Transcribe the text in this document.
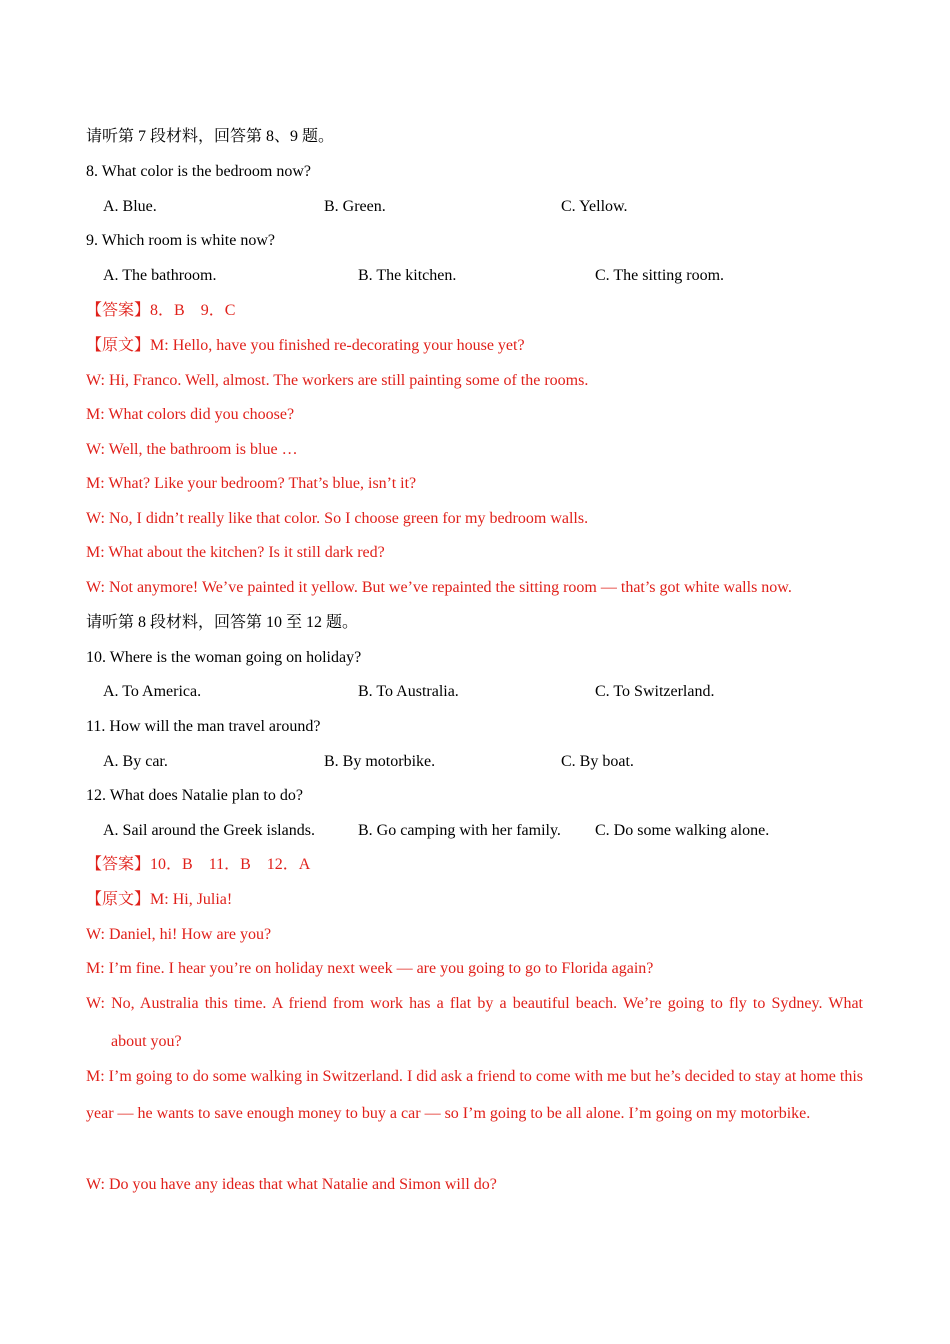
请听第 7 段材料，回答第 8、9 题。
8. What color is the bedroom now?
A. Blue.	B. Green.	C. Yellow.
9. Which room is white now?
A. The bathroom.	B. The kitchen.	C. The sitting room.
【答案】8．B　9．C
【原文】M: Hello, have you finished re-decorating your house yet?
W: Hi, Franco. Well, almost. The workers are still painting some of the rooms.
M: What colors did you choose?
W: Well, the bathroom is blue …
M: What? Like your bedroom? That’s blue, isn’t it?
W: No, I didn’t really like that color. So I choose green for my bedroom walls.
M: What about the kitchen? Is it still dark red?
W: Not anymore! We’ve painted it yellow. But we’ve repainted the sitting room — that’s got white walls now.
请听第 8 段材料，回答第 10 至 12 题。
10. Where is the woman going on holiday?
A. To America.	B. To Australia.	C. To Switzerland.
11. How will the man travel around?
A. By car.	B. By motorbike.	C. By boat.
12. What does Natalie plan to do?
A. Sail around the Greek islands.	B. Go camping with her family. C. Do some walking alone.
【答案】10．B　11．B　12．A
【原文】M: Hi, Julia!
W: Daniel, hi! How are you?
M: I’m fine. I hear you’re on holiday next week — are you going to go to Florida again?
W: No, Australia this time. A friend from work has a flat by a beautiful beach. We’re going to fly to Sydney. What
about you?
M: I’m going to do some walking in Switzerland. I did ask a friend to come with me but he’s decided to stay at home this year — he wants to save enough money to buy a car — so I’m going to be all alone. I’m going on my motorbike.
W: Do you have any ideas that what Natalie and Simon will do?
